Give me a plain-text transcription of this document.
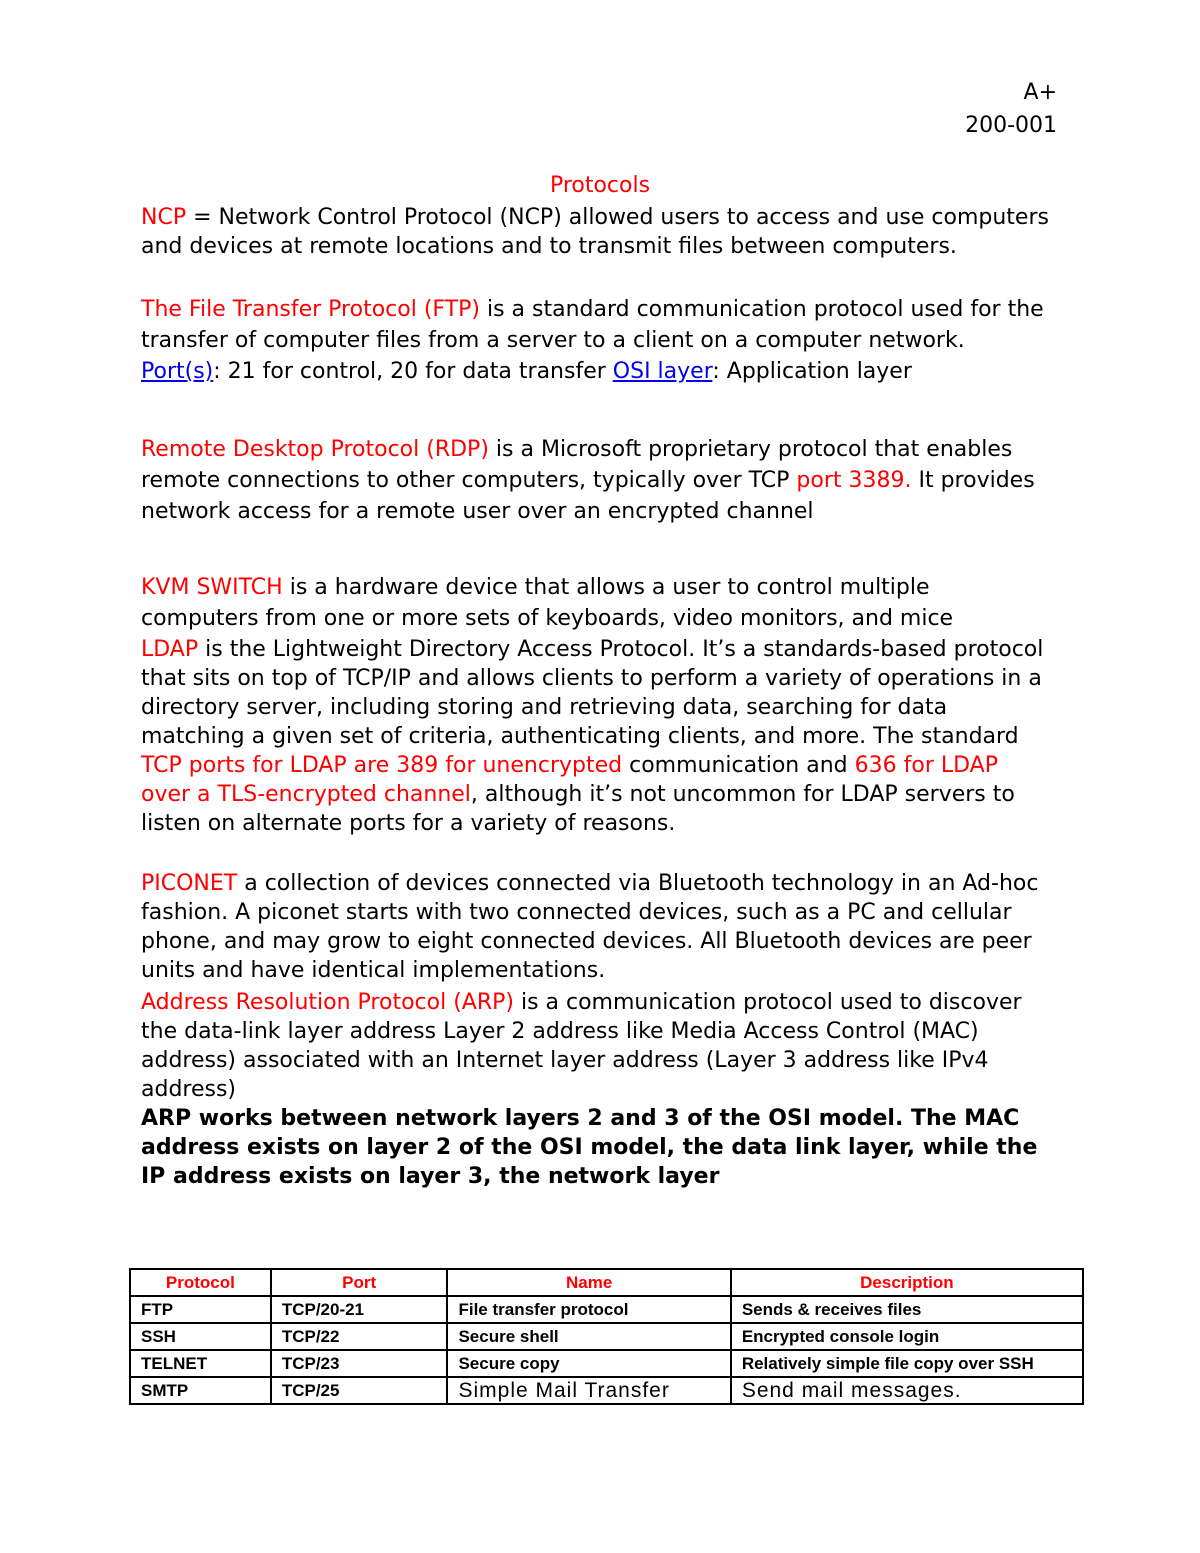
A+
200-001
Protocols

NCP = Network Control Protocol (NCP) allowed users to access and use computers and devices at remote locations and to transmit files between computers.

The File Transfer Protocol (FTP) is a standard communication protocol used for the transfer of computer files from a server to a client on a computer network. Port(s): 21 for control, 20 for data transfer OSI layer: Application layer

Remote Desktop Protocol (RDP) is a Microsoft proprietary protocol that enables remote connections to other computers, typically over TCP port 3389. It provides network access for a remote user over an encrypted channel

KVM SWITCH is a hardware device that allows a user to control multiple computers from one or more sets of keyboards, video monitors, and mice

LDAP is the Lightweight Directory Access Protocol. It’s a standards-based protocol that sits on top of TCP/IP and allows clients to perform a variety of operations in a directory server, including storing and retrieving data, searching for data matching a given set of criteria, authenticating clients, and more. The standard TCP ports for LDAP are 389 for unencrypted communication and 636 for LDAP over a TLS-encrypted channel, although it’s not uncommon for LDAP servers to listen on alternate ports for a variety of reasons.

PICONET a collection of devices connected via Bluetooth technology in an Ad-hoc fashion. A piconet starts with two connected devices, such as a PC and cellular phone, and may grow to eight connected devices. All Bluetooth devices are peer units and have identical implementations.

Address Resolution Protocol (ARP) is a communication protocol used to discover the data-link layer address Layer 2 address like Media Access Control (MAC) address) associated with an Internet layer address (Layer 3 address like IPv4 address)

ARP works between network layers 2 and 3 of the OSI model. The MAC address exists on layer 2 of the OSI model, the data link layer, while the IP address exists on layer 3, the network layer

Protocol	Port	Name	Description
FTP	TCP/20-21	File transfer protocol	Sends & receives files
SSH	TCP/22	Secure shell	Encrypted console login
TELNET	TCP/23	Secure copy	Relatively simple file copy over SSH
SMTP	TCP/25	Simple Mail Transfer	Send mail messages.
